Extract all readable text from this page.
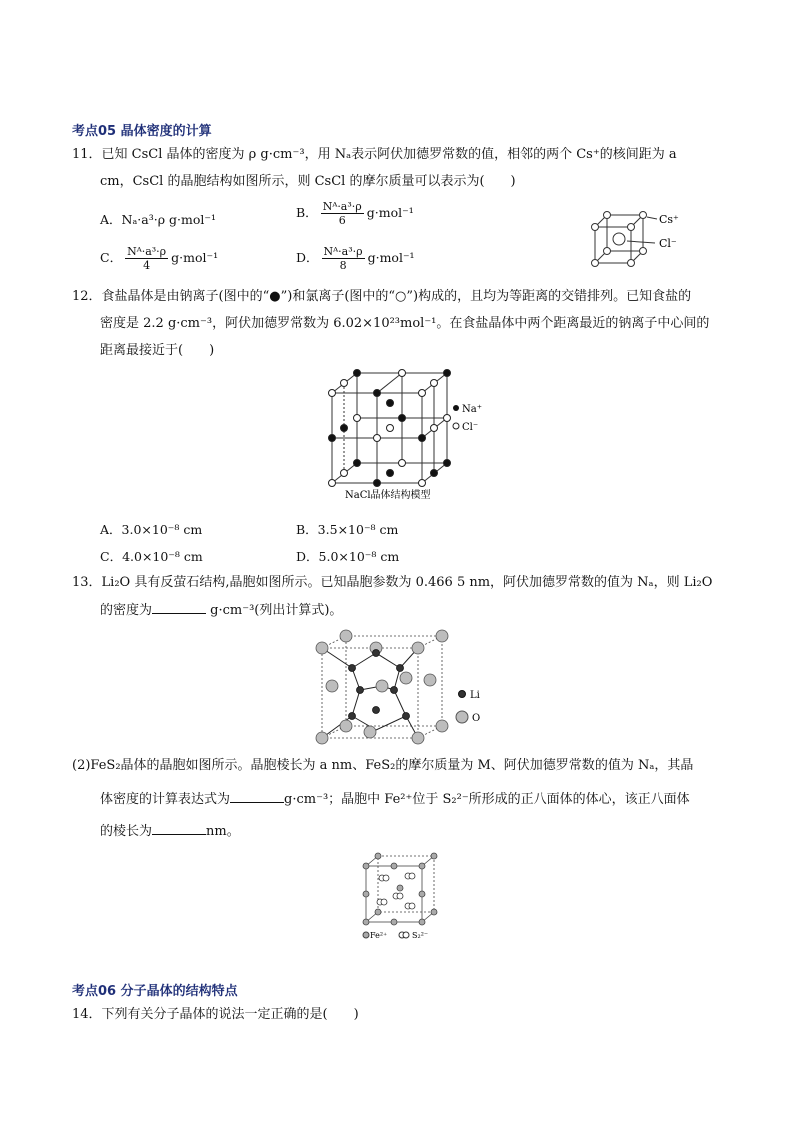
考点05 晶体密度的计算
11．已知 CsCl 晶体的密度为 ρ g·cm⁻³，用 Nₐ表示阿伏加德罗常数的值，相邻的两个 Cs⁺的核间距为 a
cm，CsCl 的晶胞结构如图所示，则 CsCl 的摩尔质量可以表示为(　　)
A．Nₐ·a³·ρ g·mol⁻¹	B． $\frac{\text{Nᴬ·a³·ρ}}{6} g\cdot mol^{-1}$
C． $\frac{\text{Nᴬ·a³·ρ}}{4} g\cdot mol^{-1}$	D． $\frac{\text{Nᴬ·a³·ρ}}{8} g\cdot mol^{-1}$
Cs⁺
Cl⁻
12．食盐晶体是由钠离子(图中的“●”)和氯离子(图中的“○”)构成的，且均为等距离的交错排列。已知食盐的
密度是 2.2 g·cm⁻³，阿伏加德罗常数为 6.02×10²³mol⁻¹。在食盐晶体中两个距离最近的钠离子中心间的
距离最接近于(　　)
Na⁺
Cl⁻
NaCl晶体结构模型
A．3.0×10⁻⁸ cm	B．3.5×10⁻⁸ cm
C．4.0×10⁻⁸ cm	D．5.0×10⁻⁸ cm
13．Li₂O 具有反萤石结构,晶胞如图所示。已知晶胞参数为 0.466 5 nm，阿伏加德罗常数的值为 Nₐ，则 Li₂O
的密度为	g·cm⁻³(列出计算式)。
Li
O
(2)FeS₂晶体的晶胞如图所示。晶胞棱长为 a nm、FeS₂的摩尔质量为 M、阿伏加德罗常数的值为 Nₐ，其晶
体密度的计算表达式为	g·cm⁻³；晶胞中 Fe²⁺位于 S₂²⁻所形成的正八面体的体心，该正八面体
的棱长为	nm。
Fe²⁺	S₂²⁻
考点06 分子晶体的结构特点
14．下列有关分子晶体的说法一定正确的是(　　)
